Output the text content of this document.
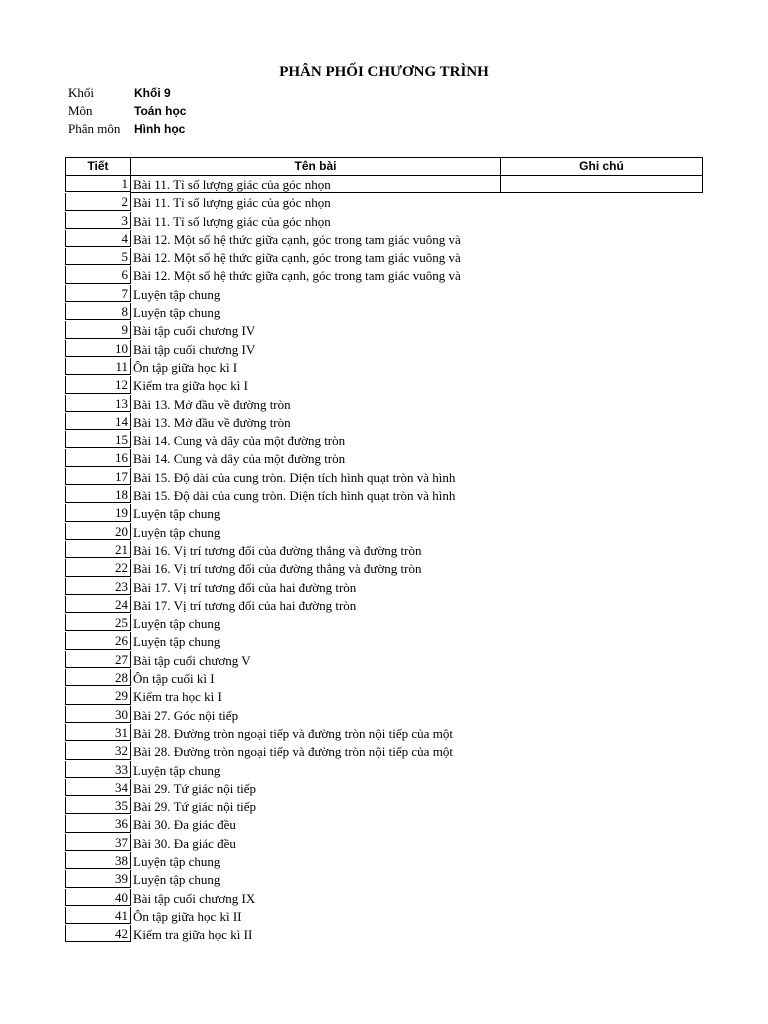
PHÂN PHỐI CHƯƠNG TRÌNH
Khối	Khối 9
Môn	Toán học
Phân môn Hình học
Tiết	Tên bài	Ghi chú
1 Bài 11. Tỉ số lượng giác của góc nhọn
2 Bài 11. Tỉ số lượng giác của góc nhọn
3 Bài 11. Tỉ số lượng giác của góc nhọn
4 Bài 12. Một số hệ thức giữa cạnh, góc trong tam giác vuông và
5 Bài 12. Một số hệ thức giữa cạnh, góc trong tam giác vuông và
6 Bài 12. Một số hệ thức giữa cạnh, góc trong tam giác vuông và
7 Luyện tập chung
8 Luyện tập chung
9 Bài tập cuối chương IV
10 Bài tập cuối chương IV
11 Ôn tập giữa học kì I
12 Kiểm tra giữa học kì I
13 Bài 13. Mở đầu về đường tròn
14 Bài 13. Mở đầu về đường tròn
15 Bài 14. Cung và dây của một đường tròn
16 Bài 14. Cung và dây của một đường tròn
17 Bài 15. Độ dài của cung tròn. Diện tích hình quạt tròn và hình
18 Bài 15. Độ dài của cung tròn. Diện tích hình quạt tròn và hình
19 Luyện tập chung
20 Luyện tập chung
21 Bài 16. Vị trí tương đối của đường thẳng và đường tròn
22 Bài 16. Vị trí tương đối của đường thẳng và đường tròn
23 Bài 17. Vị trí tương đối của hai đường tròn
24 Bài 17. Vị trí tương đối của hai đường tròn
25 Luyện tập chung
26 Luyện tập chung
27 Bài tập cuối chương V
28 Ôn tập cuối kì I
29 Kiểm tra học kì I
30 Bài 27. Góc nội tiếp
31 Bài 28. Đường tròn ngoại tiếp và đường tròn nội tiếp của một
32 Bài 28. Đường tròn ngoại tiếp và đường tròn nội tiếp của một
33 Luyện tập chung
34 Bài 29. Tứ giác nội tiếp
35 Bài 29. Tứ giác nội tiếp
36 Bài 30. Đa giác đều
37 Bài 30. Đa giác đều
38 Luyện tập chung
39 Luyện tập chung
40 Bài tập cuối chương IX
41 Ôn tập giữa học kì II
42 Kiểm tra giữa học kì II
